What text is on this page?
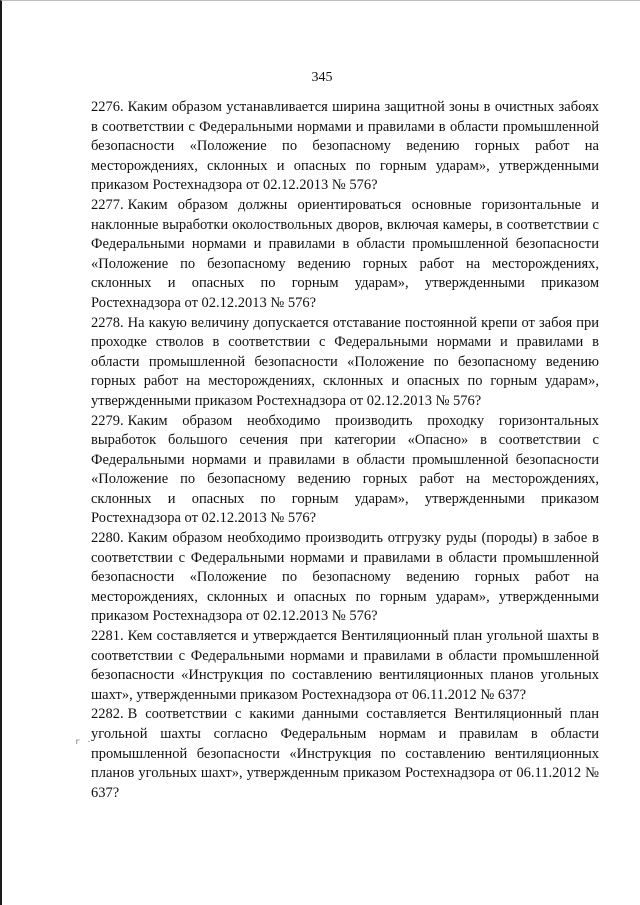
345

2276. Каким образом устанавливается ширина защитной зоны в очистных забоях в соответствии с Федеральными нормами и правилами в области промышленной безопасности «Положение по безопасному ведению горных работ на месторождениях, склонных и опасных по горным ударам», утвержденными приказом Ростехнадзора от 02.12.2013 № 576?

2277. Каким образом должны ориентироваться основные горизонтальные и наклонные выработки околоствольных дворов, включая камеры, в соответствии с Федеральными нормами и правилами в области промышленной безопасности «Положение по безопасному ведению горных работ на месторождениях, склонных и опасных по горным ударам», утвержденными приказом Ростехнадзора от 02.12.2013 № 576?

2278. На какую величину допускается отставание постоянной крепи от забоя при проходке стволов в соответствии с Федеральными нормами и правилами в области промышленной безопасности «Положение по безопасному ведению горных работ на месторождениях, склонных и опасных по горным ударам», утвержденными приказом Ростехнадзора от 02.12.2013 № 576?

2279. Каким образом необходимо производить проходку горизонтальных выработок большого сечения при категории «Опасно» в соответствии с Федеральными нормами и правилами в области промышленной безопасности «Положение по безопасному ведению горных работ на месторождениях, склонных и опасных по горным ударам», утвержденными приказом Ростехнадзора от 02.12.2013 № 576?

2280. Каким образом необходимо производить отгрузку руды (породы) в забое в соответствии с Федеральными нормами и правилами в области промышленной безопасности «Положение по безопасному ведению горных работ на месторождениях, склонных и опасных по горным ударам», утвержденными приказом Ростехнадзора от 02.12.2013 № 576?

2281. Кем составляется и утверждается Вентиляционный план угольной шахты в соответствии с Федеральными нормами и правилами в области промышленной безопасности «Инструкция по составлению вентиляционных планов угольных шахт», утвержденными приказом Ростехнадзора от 06.11.2012 № 637?

2282. В соответствии с какими данными составляется Вентиляционный план угольной шахты согласно Федеральным нормам и правилам в области промышленной безопасности «Инструкция по составлению вентиляционных планов угольных шахт», утвержденным приказом Ростехнадзора от 06.11.2012 № 637?

r ·
